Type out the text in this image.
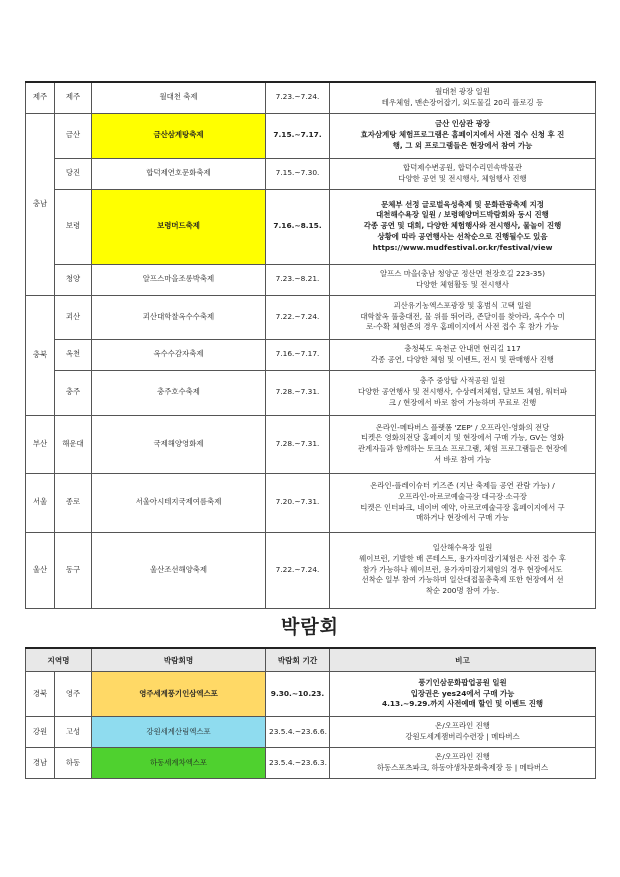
제주	제주	월대천 축제	7.23.~7.24.	월대천 광장 일원
테우체험, 맨손장어잡기, 외도물길 20리 플로깅 등

충남	금산	금산삼계탕축제	7.15.~7.17.	금산 인삼관 광장
효자삼계탕 체험프로그램은 홈페이지에서 사전 접수 신청 후 진
행, 그 외 프로그램들은 현장에서 참여 가능

	당진	합덕제연호문화축제	7.15.~7.30.	합덕제수변공원, 합덕수리민속박물관
다양한 공연 및 전시행사, 체험행사 진행

	보령	보령머드축제	7.16.~8.15.	문체부 선정 글로벌육성축제 및 문화관광축제 지정
대천해수욕장 일원 / 보령해양머드박람회와 동시 진행
각종 공연 및 대회, 다양한 체험행사와 전시행사, 물놀이 진행
상황에 따라 공연행사는 선착순으로 진행될수도 있음
https://www.mudfestival.or.kr/festival/view

	청양	알프스마을조롱박축제	7.23.~8.21.	알프스 마을(충남 청양군 정산면 천장호길 223-35)
다양한 체험활동 및 전시행사

충북	괴산	괴산대학찰옥수수축제	7.22.~7.24.	괴산유기농엑스포광장 및 홍범식 고택 일원
대학찰옥 풀충대전, 물 위를 뛰어라, 존달이를 찾아라, 옥수수 미
로-수확 체험존의 경우 홈페이지에서 사전 접수 후 참가 가능

	옥천	옥수수감자축제	7.16.~7.17.	충청북도 옥천군 안내면 현리길 117
각종 공연, 다양한 체험 및 이벤트, 전시 및 판매행사 진행

	충주	충주호수축제	7.28.~7.31.	충주 중앙탑 사적공원 일원
다양한 공연행사 및 전시행사, 수상레저체험, 달보트 체험, 워터파
크 / 현장에서 바로 참여 가능하며 무료로 진행

부산	해운대	국제해양영화제	7.28.~7.31.	온라인-메타버스 플랫폼 'ZEP' / 오프라인-영화의 전당
티켓은 영화의전당 홈페이지 및 현장에서 구매 가능, GV는 영화
관계자들과 함께하는 토크쇼 프로그램, 체험 프로그램들은 현장에
서 바로 참여 가능

서울	종로	서울아시테지국제여름축제	7.20.~7.31.	온라인-플레이슈터 키즈존 (지난 축제들 공연 관람 가능) /
오프라인-아르코예술극장 대극장·소극장
티켓은 인터파크, 네이버 예약, 아르코예술극장 홈페이지에서 구
매하거나 현장에서 구매 가능

울산	동구	울산조선해양축제	7.22.~7.24.	일산해수욕장 일원
웨이브런, 기발한 배 콘테스트, 용가자미잡기체험은 사전 접수 후
참가 가능하나 웨이브런, 용가자미잡기체험의 경우 현장에서도
선착순 일부 참여 가능하며 일산대접물총축제 또한 현장에서 선
착순 200명 참여 가능.
박람회
지역명		박람회명	박람회 기간	비고
경북	영주	영주세계풍기인삼엑스포	9.30.~10.23.	풍기인삼문화팝업공원 일원
입장권은 yes24에서 구매 가능
4.13.~9.29.까지 사전예매 할인 및 이벤트 진행

강원	고성	강원세계산림엑스포	23.5.4.~23.6.6.	온/오프라인 진행
강원도세계잼버리수련장 | 메타버스

경남	하동	하동세계차엑스포	23.5.4.~23.6.3.	온/오프라인 진행
하동스포츠파크, 하동야생차문화축제장 등 | 메타버스
